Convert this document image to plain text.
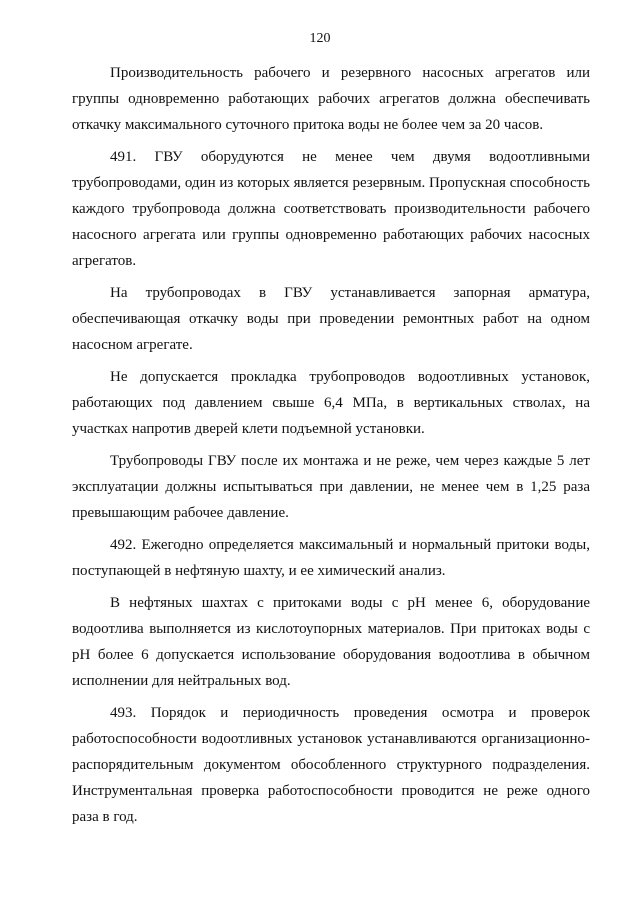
120

Производительность рабочего и резервного насосных агрегатов или группы одновременно работающих рабочих агрегатов должна обеспечивать откачку максимального суточного притока воды не более чем за 20 часов.

491. ГВУ оборудуются не менее чем двумя водоотливными трубопроводами, один из которых является резервным. Пропускная способность каждого трубопровода должна соответствовать производительности рабочего насосного агрегата или группы одновременно работающих рабочих насосных агрегатов.

На трубопроводах в ГВУ устанавливается запорная арматура, обеспечивающая откачку воды при проведении ремонтных работ на одном насосном агрегате.

Не допускается прокладка трубопроводов водоотливных установок, работающих под давлением свыше 6,4 МПа, в вертикальных стволах, на участках напротив дверей клети подъемной установки.

Трубопроводы ГВУ после их монтажа и не реже, чем через каждые 5 лет эксплуатации должны испытываться при давлении, не менее чем в 1,25 раза превышающим рабочее давление.

492. Ежегодно определяется максимальный и нормальный притоки воды, поступающей в нефтяную шахту, и ее химический анализ.

В нефтяных шахтах с притоками воды с pH менее 6, оборудование водоотлива выполняется из кислотоупорных материалов. При притоках воды с pH более 6 допускается использование оборудования водоотлива в обычном исполнении для нейтральных вод.

493. Порядок и периодичность проведения осмотра и проверок работоспособности водоотливных установок устанавливаются организационно-распорядительным документом обособленного структурного подразделения. Инструментальная проверка работоспособности проводится не реже одного раза в год.
